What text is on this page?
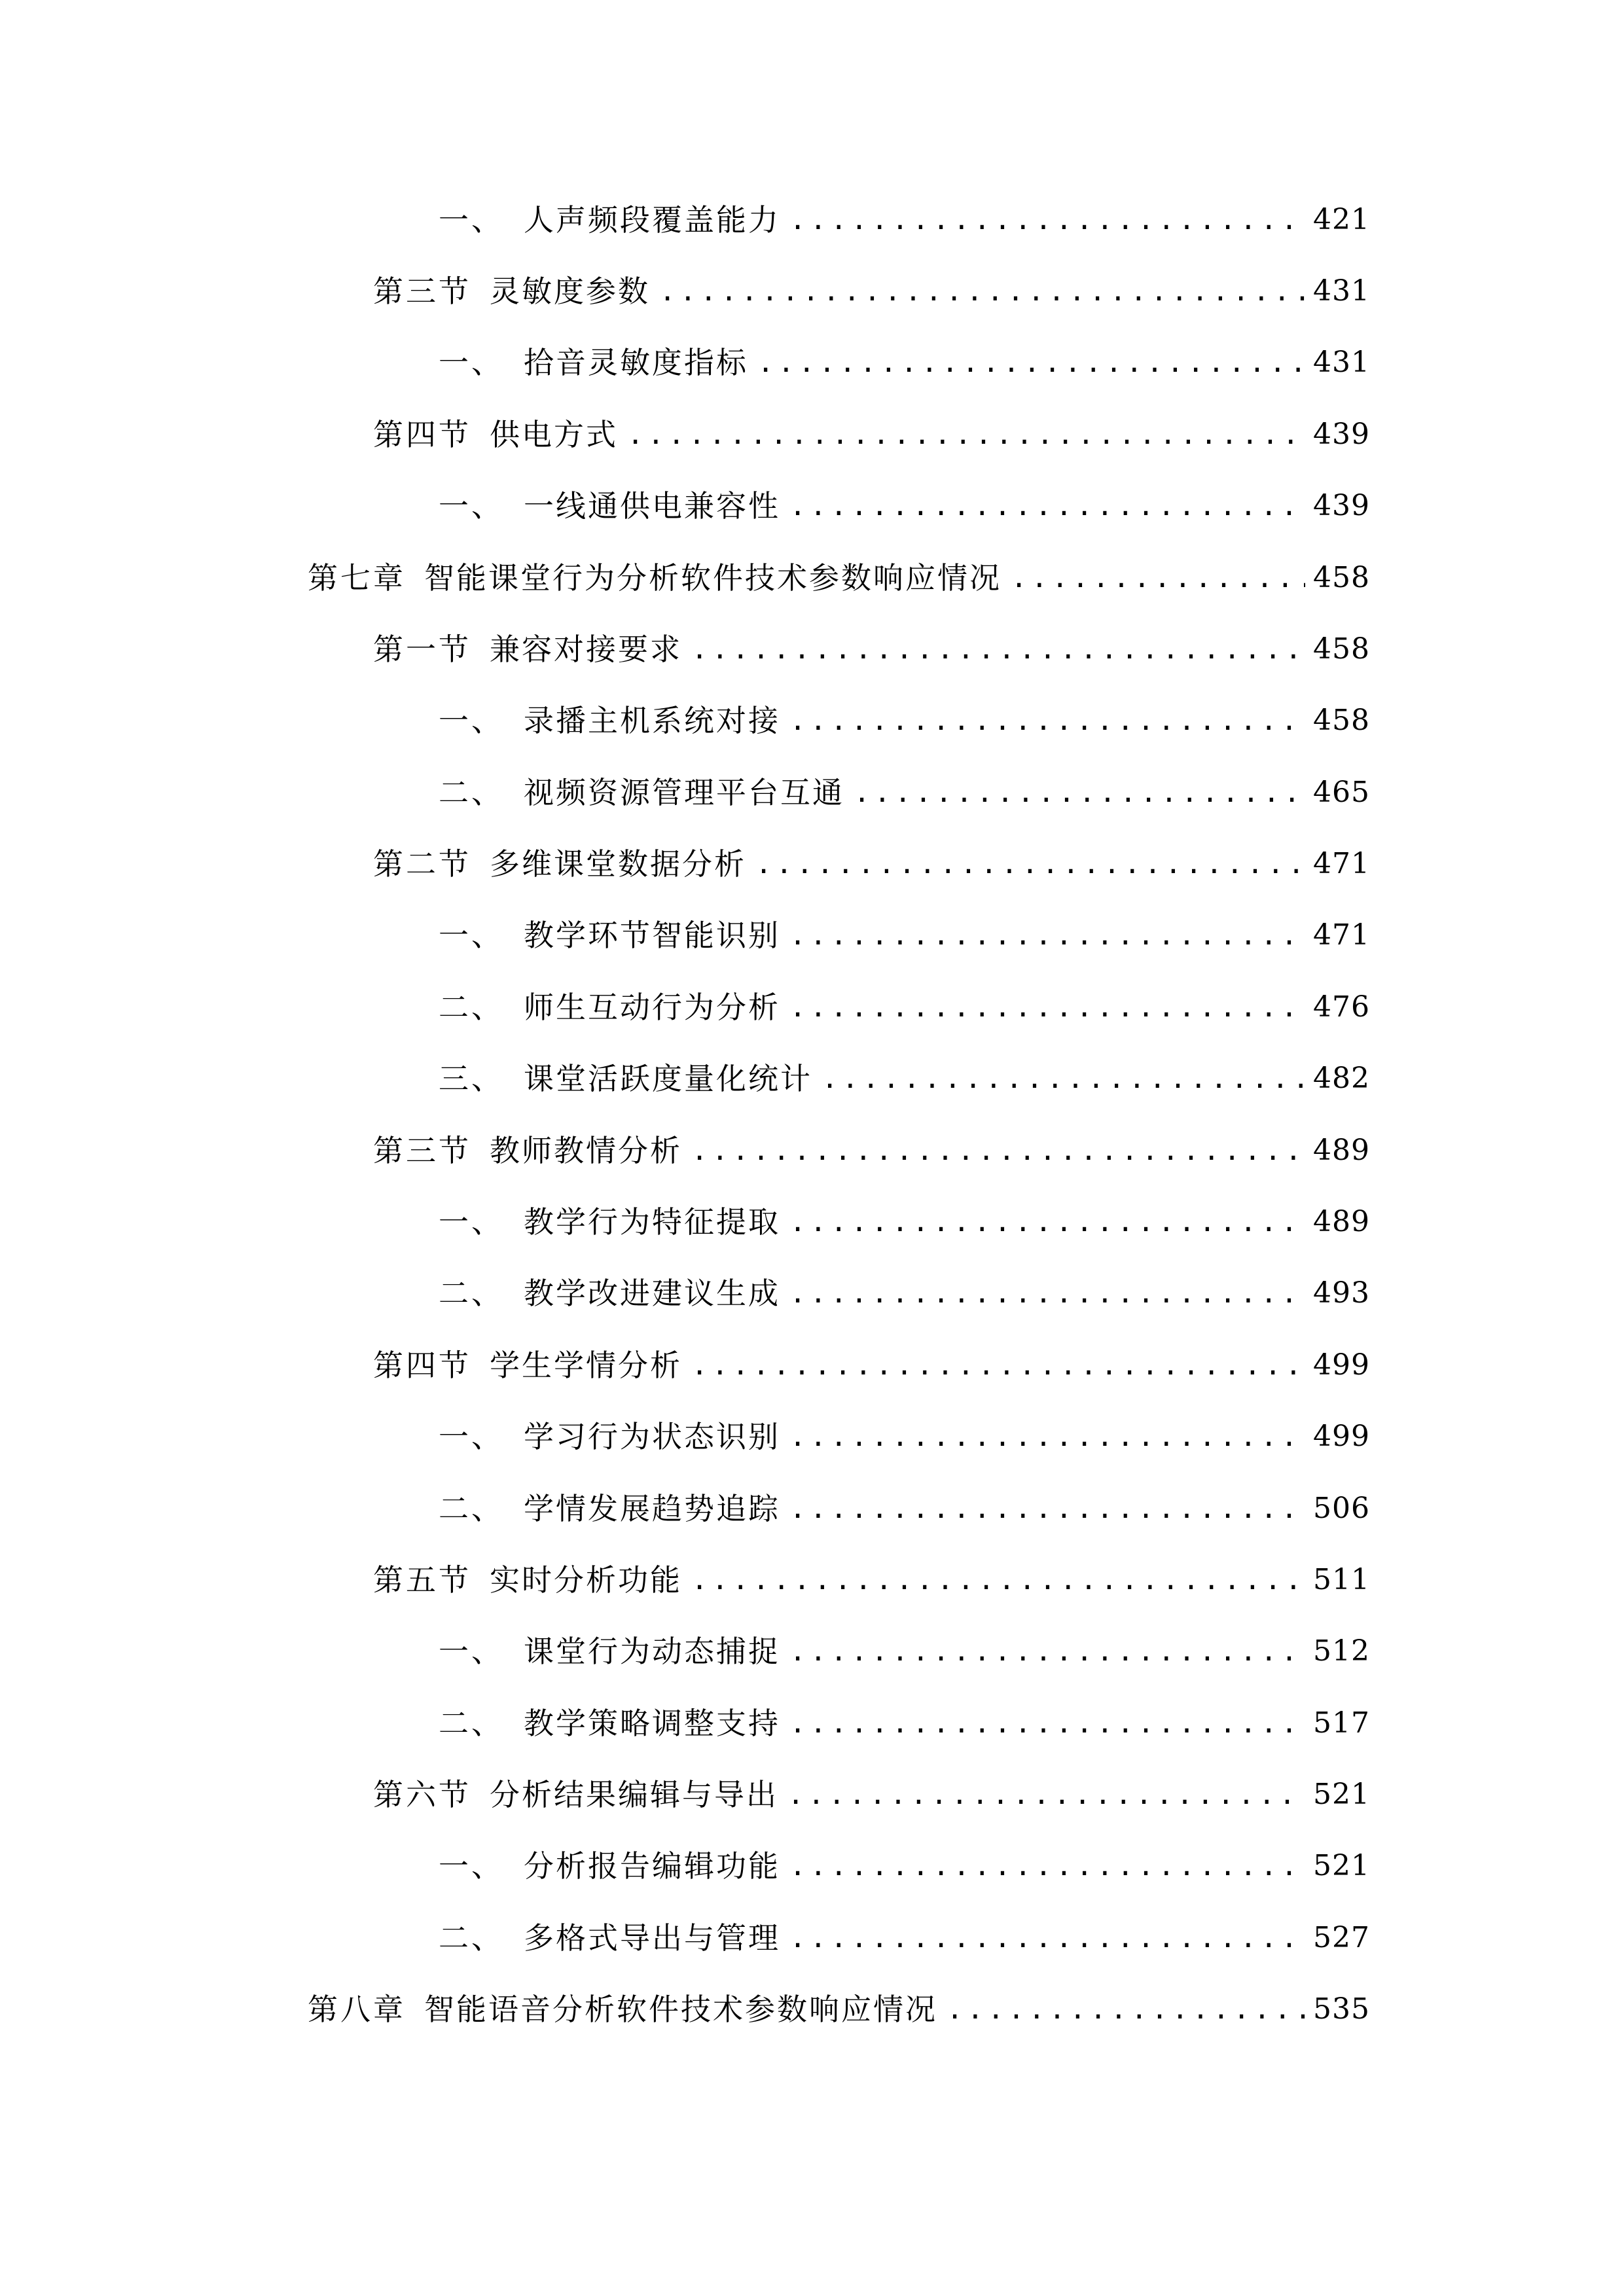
一、 人声频段覆盖能力 .....	421
第三节 灵敏度参数 .....	431
一、 拾音灵敏度指标 .....	431
第四节 供电方式 .....	439
一、 一线通供电兼容性 .....	439
第七章 智能课堂行为分析软件技术参数响应情况 .....	458
第一节 兼容对接要求 .....	458
一、 录播主机系统对接 .....	458
二、 视频资源管理平台互通 .....	465
第二节 多维课堂数据分析 .....	471
一、 教学环节智能识别 .....	471
二、 师生互动行为分析 .....	476
三、 课堂活跃度量化统计 .....	482
第三节 教师教情分析 .....	489
一、 教学行为特征提取 .....	489
二、 教学改进建议生成 .....	493
第四节 学生学情分析 .....	499
一、 学习行为状态识别 .....	499
二、 学情发展趋势追踪 .....	506
第五节 实时分析功能 .....	511
一、 课堂行为动态捕捉 .....	512
二、 教学策略调整支持 .....	517
第六节 分析结果编辑与导出 .....	521
一、 分析报告编辑功能 .....	521
二、 多格式导出与管理 .....	527
第八章 智能语音分析软件技术参数响应情况 .....	535
